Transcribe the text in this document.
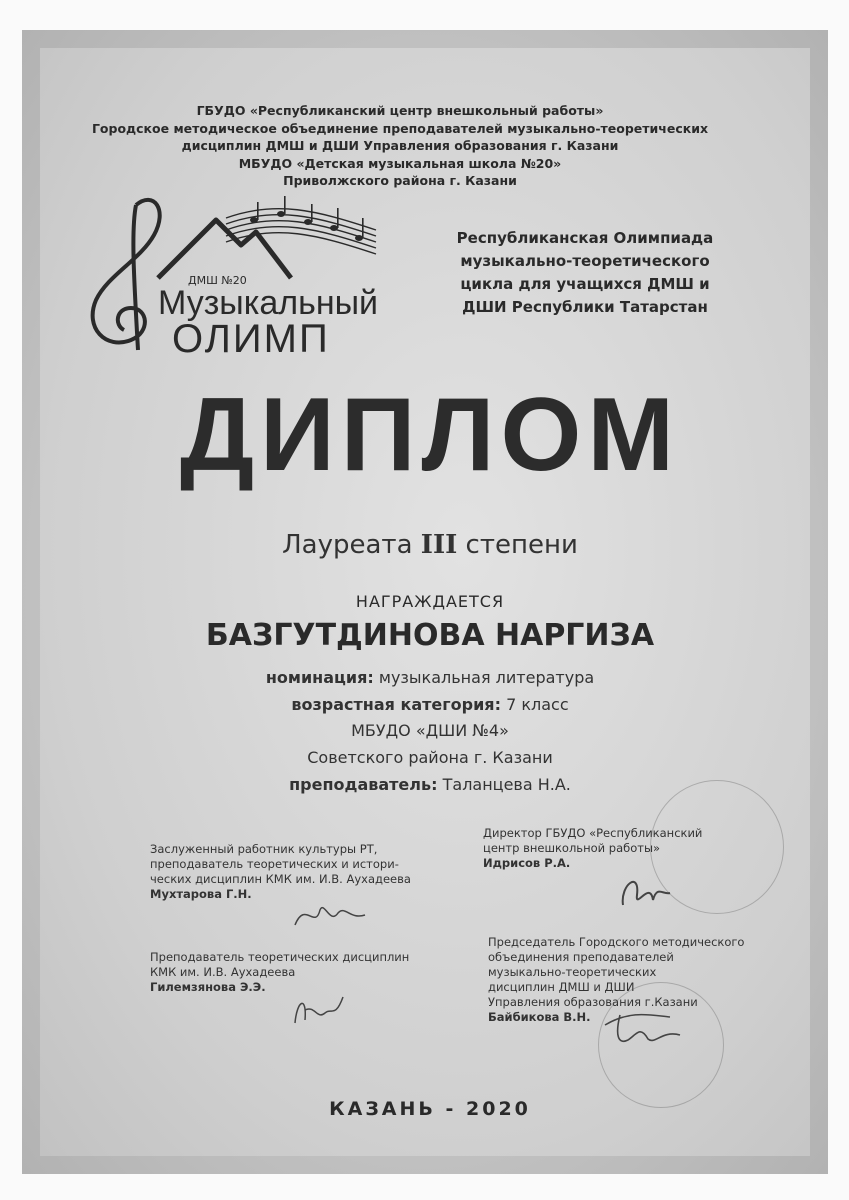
ГБУДО «Республиканский центр внешкольный работы»
Городское методическое объединение преподавателей музыкально-теоретических
дисциплин ДМШ и ДШИ Управления образования г. Казани
МБУДО «Детская музыкальная школа №20»
Приволжского района г. Казани
ДМШ №20
Музыкальный
ОЛИМП
Республиканская Олимпиада
музыкально-теоретического
цикла для учащихся ДМШ и
ДШИ Республики Татарстан
ДИПЛОМ
Лауреата III степени
НАГРАЖДАЕТСЯ
БАЗГУТДИНОВА НАРГИЗА
номинация: музыкальная литература
возрастная категория: 7 класс
МБУДО «ДШИ №4»
Советского района г. Казани
преподаватель: Таланцева Н.А.
Заслуженный работник культуры РТ,
преподаватель теоретических и истори-
ческих дисциплин КМК им. И.В. Аухадеева
Мухтарова Г.Н.
Директор ГБУДО «Республиканский
центр внешкольной работы»
Идрисов Р.А.
Преподаватель теоретических дисциплин
КМК им. И.В. Аухадеева
Гилемзянова Э.Э.
Председатель Городского методического
объединения преподавателей
музыкально-теоретических
дисциплин ДМШ и ДШИ
Управления образования г.Казани
Байбикова В.Н.
КАЗАНЬ - 2020
